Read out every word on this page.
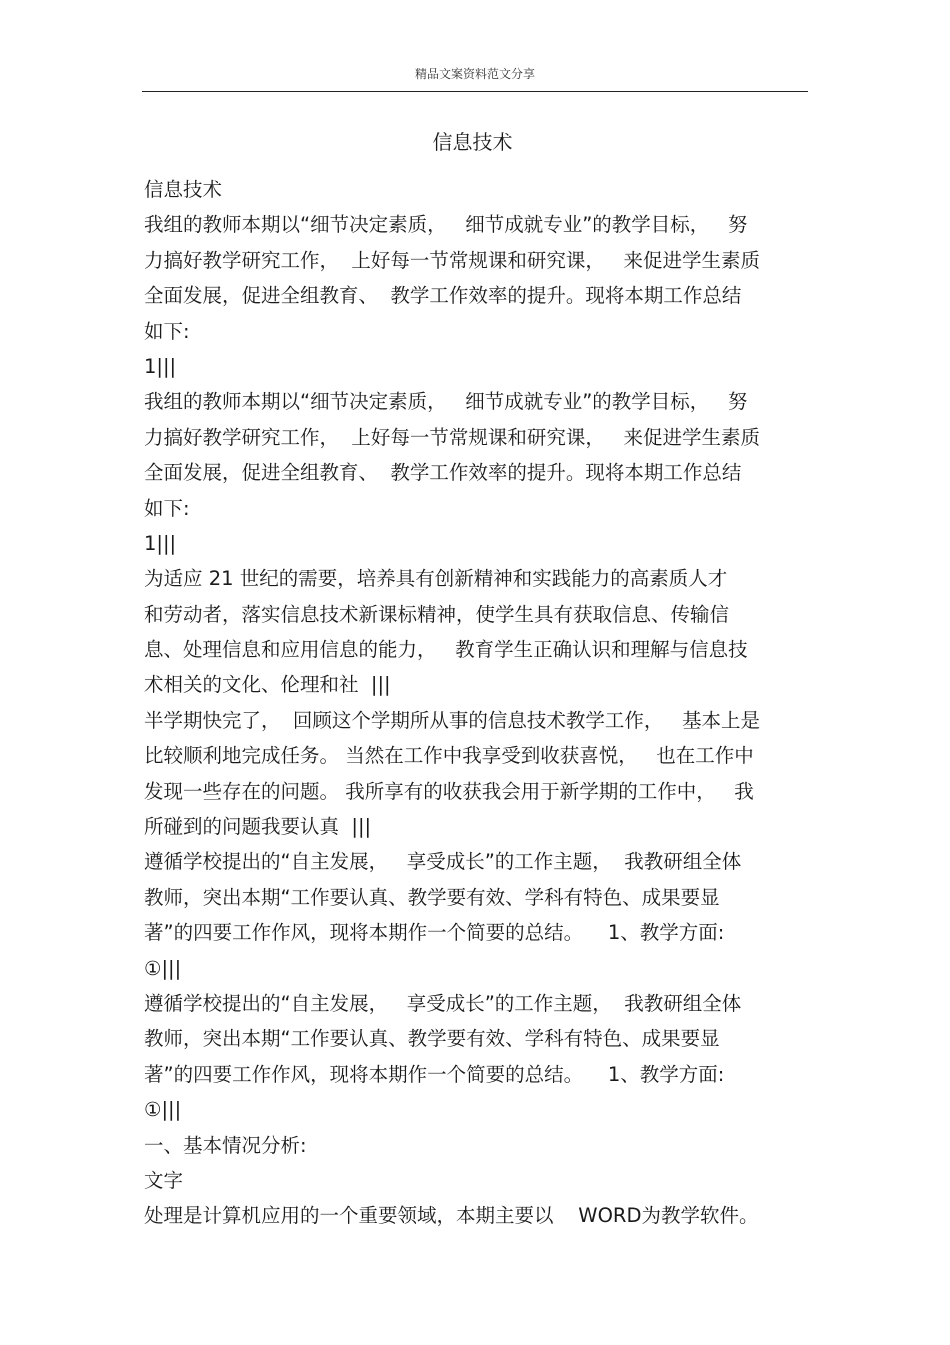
精品文案资料范文分享
信息技术
信息技术
我组的教师本期以“细节决定素质，   细节成就专业”的教学目标，   努
力搞好教学研究工作，  上好每一节常规课和研究课，   来促进学生素质
全面发展，促进全组教育、  教学工作效率的提升。现将本期工作总结
如下:
1|||
我组的教师本期以“细节决定素质，   细节成就专业”的教学目标，   努
力搞好教学研究工作，  上好每一节常规课和研究课，   来促进学生素质
全面发展，促进全组教育、  教学工作效率的提升。现将本期工作总结
如下:
1|||
为适应 21 世纪的需要，培养具有创新精神和实践能力的高素质人才
和劳动者，落实信息技术新课标精神，使学生具有获取信息、传输信
息、处理信息和应用信息的能力，   教育学生正确认识和理解与信息技
术相关的文化、伦理和社  |||
半学期快完了，  回顾这个学期所从事的信息技术教学工作，   基本上是
比较顺利地完成任务。 当然在工作中我享受到收获喜悦，   也在工作中
发现一些存在的问题。 我所享有的收获我会用于新学期的工作中，   我
所碰到的问题我要认真  |||
遵循学校提出的“自主发展，   享受成长”的工作主题，  我教研组全体
教师，突出本期“工作要认真、教学要有效、学科有特色、成果要显
著”的四要工作作风，现将本期作一个简要的总结。    1、教学方面:
①|||
遵循学校提出的“自主发展，   享受成长”的工作主题，  我教研组全体
教师，突出本期“工作要认真、教学要有效、学科有特色、成果要显
著”的四要工作作风，现将本期作一个简要的总结。    1、教学方面:
①|||
一、基本情况分析:
文字
处理是计算机应用的一个重要领域，本期主要以    WORD为教学软件。
